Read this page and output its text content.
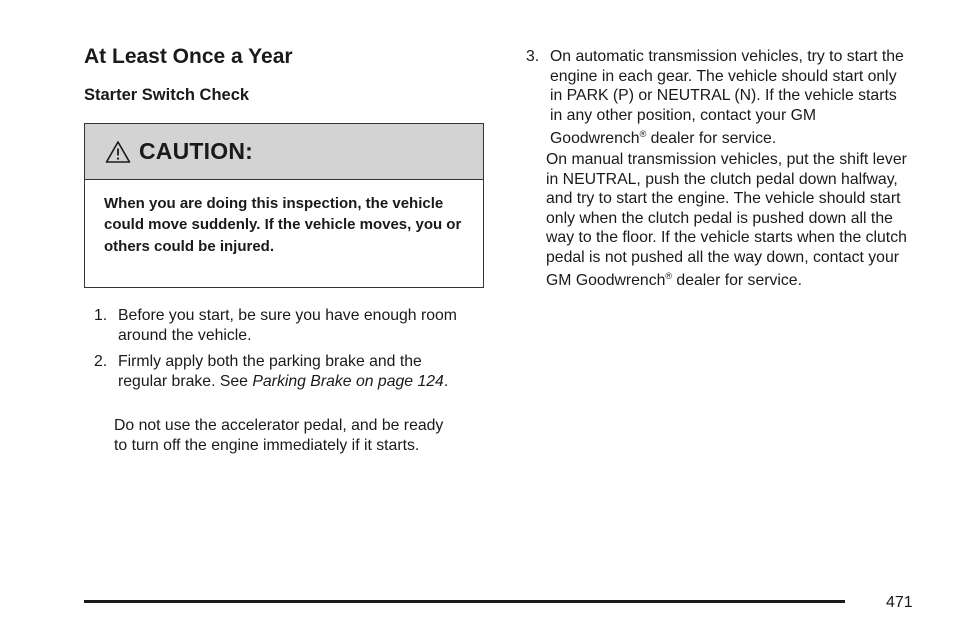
At Least Once a Year
Starter Switch Check
CAUTION:
When you are doing this inspection, the vehicle could move suddenly. If the vehicle moves, you or others could be injured.
1. Before you start, be sure you have enough room around the vehicle.
2. Firmly apply both the parking brake and the regular brake. See Parking Brake on page 124.
Do not use the accelerator pedal, and be ready to turn off the engine immediately if it starts.
3. On automatic transmission vehicles, try to start the engine in each gear. The vehicle should start only in PARK (P) or NEUTRAL (N). If the vehicle starts in any other position, contact your GM Goodwrench® dealer for service.
On manual transmission vehicles, put the shift lever in NEUTRAL, push the clutch pedal down halfway, and try to start the engine. The vehicle should start only when the clutch pedal is pushed down all the way to the floor. If the vehicle starts when the clutch pedal is not pushed all the way down, contact your GM Goodwrench® dealer for service.
471
